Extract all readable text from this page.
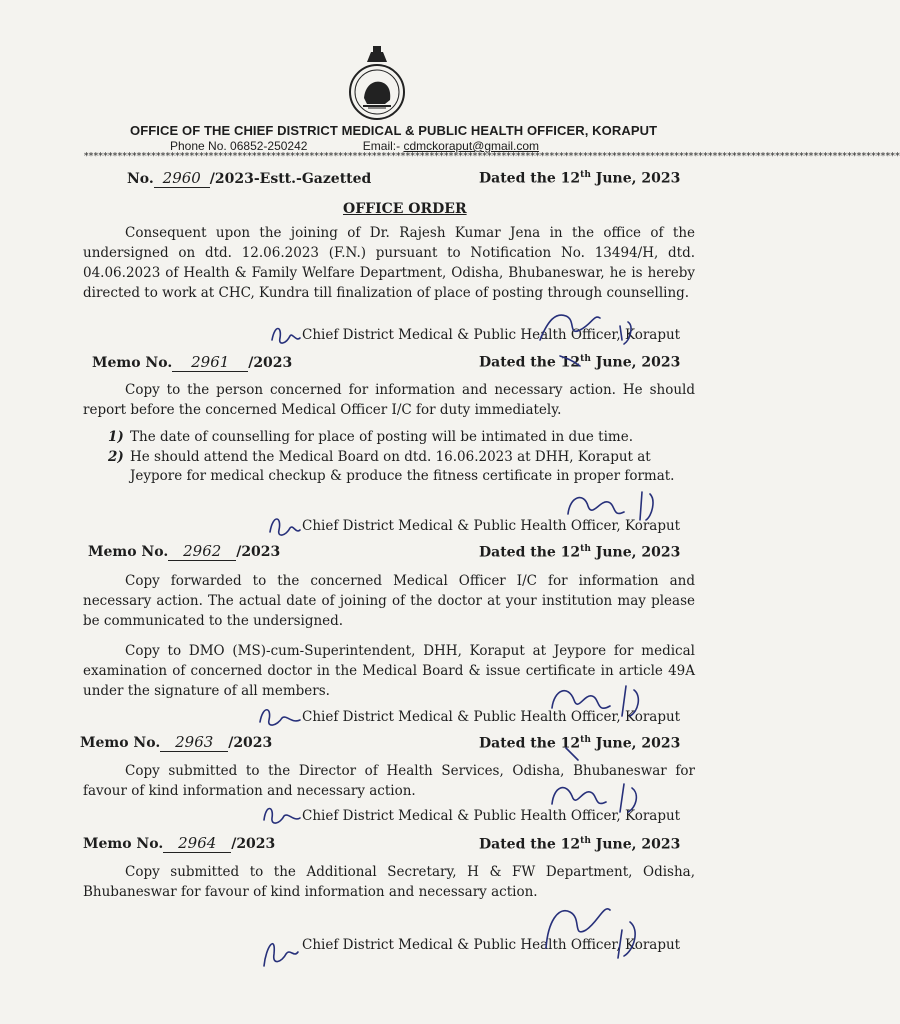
OFFICE OF THE CHIEF DISTRICT MEDICAL & PUBLIC HEALTH OFFICER, KORAPUT
Phone No. 06852-250242	Email:- cdmckoraput@gmail.com
**************************************************************************************************************************************************************************
No. 2960 /2023-Estt.-Gazetted	Dated the 12th June, 2023
OFFICE ORDER

Consequent upon the joining of Dr. Rajesh Kumar Jena in the office of the undersigned on dtd. 12.06.2023 (F.N.) pursuant to Notification No. 13494/H, dtd. 04.06.2023 of Health & Family Welfare Department, Odisha, Bhubaneswar, he is hereby directed to work at CHC, Kundra till finalization of place of posting through counselling.

Chief District Medical & Public Health Officer, Koraput
Memo No. 2961 /2023	Dated the 12th June, 2023

Copy to the person concerned for information and necessary action. He should report before the concerned Medical Officer I/C for duty immediately.

1) The date of counselling for place of posting will be intimated in due time.
2) He should attend the Medical Board on dtd. 16.06.2023 at DHH, Koraput at Jeypore for medical checkup & produce the fitness certificate in proper format.
Chief District Medical & Public Health Officer, Koraput
Memo No. 2962 /2023	Dated the 12th June, 2023

Copy forwarded to the concerned Medical Officer I/C for information and necessary action. The actual date of joining of the doctor at your institution may please be communicated to the undersigned.

Copy to DMO (MS)-cum-Superintendent, DHH, Koraput at Jeypore for medical examination of concerned doctor in the Medical Board & issue certificate in article 49A under the signature of all members.

Chief District Medical & Public Health Officer, Koraput
Memo No. 2963 /2023	Dated the 12th June, 2023

Copy submitted to the Director of Health Services, Odisha, Bhubaneswar for favour of kind information and necessary action.

Chief District Medical & Public Health Officer, Koraput
Memo No. 2964 /2023	Dated the 12th June, 2023

Copy submitted to the Additional Secretary, H & FW Department, Odisha, Bhubaneswar for favour of kind information and necessary action.

Chief District Medical & Public Health Officer, Koraput
